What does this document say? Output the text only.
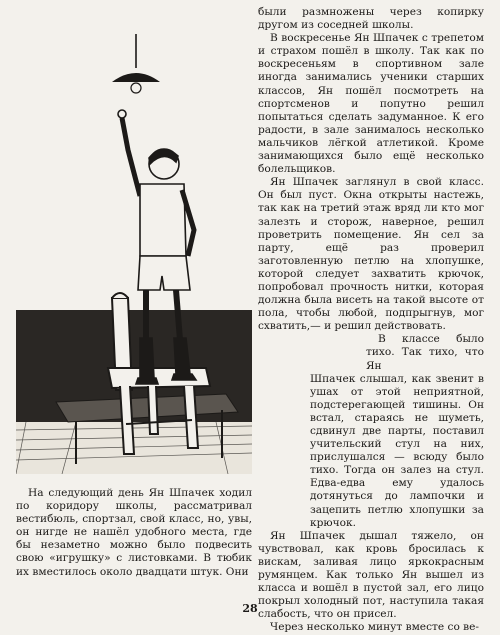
были размножены через копирку другом из соседней школы.

В воскресенье Ян Шпачек с трепетом и страхом пошёл в школу. Так как по воскресеньям в спортивном зале иногда занимались ученики старших классов, Ян пошёл посмотреть на спортсменов и попутно решил попытаться сделать задуманное. К его радости, в зале занималось несколько мальчиков лёгкой атлетикой. Кроме занимающихся было ещё несколько болельщиков.

Ян Шпачек заглянул в свой класс. Он был пуст. Окна открыты настежь, так как на третий этаж вряд ли кто мог залезть и сторож, наверное, решил проветрить помещение. Ян сел за парту, ещё раз проверил заготовленную петлю на хлопушке, которой следует захватить крючок, попробовал прочность нитки, которая должна была висеть на такой высоте от пола, чтобы любой, подпрыгнув, мог схватить,— и решил действовать.

В классе было тихо. Так тихо, что Ян

Шпачек слышал, как звенит в ушах от этой неприятной, подстерегающей тишины. Он встал, стараясь не шуметь, сдвинул две парты, поставил учительский стул на них, прислушался — всюду было тихо. Тогда он залез на стул. Едва-едва ему удалось дотянуться до лампочки и зацепить петлю хлопушки за крючок.

Ян Шпачек дышал тяжело, он чувствовал, как кровь бросилась к вискам, заливая лицо яркокрасным румянцем. Как только Ян вышел из класса и вошёл в пустой зал, его лицо покрыл холодный пот, наступила такая слабость, что он присел.

Через несколько минут вместе со ве-

На следующий день Ян Шпачек ходил по коридору школы, рассматривал вестибюль, спортзал, свой класс, но, увы, он нигде не нашёл удобного места, где бы незаметно можно было подвесить свою «игрушку» с листовками. В тюбик их вместилось около двадцати штук. Они

28
